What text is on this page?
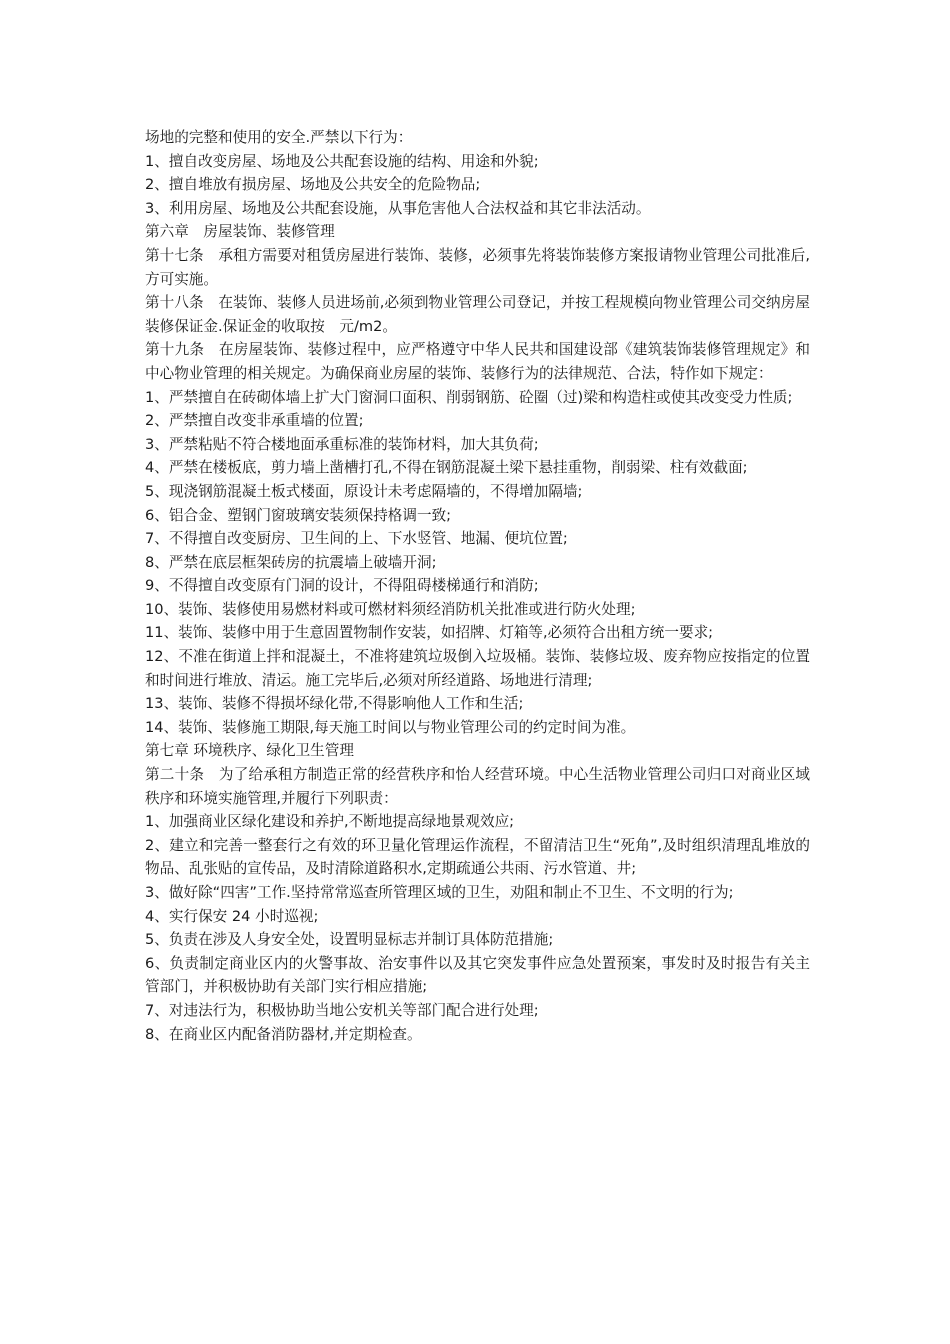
场地的完整和使用的安全.严禁以下行为：

1、擅自改变房屋、场地及公共配套设施的结构、用途和外貌;

2、擅自堆放有损房屋、场地及公共安全的危险物品;

3、利用房屋、场地及公共配套设施，从事危害他人合法权益和其它非法活动。

第六章　房屋装饰、装修管理

第十七条　承租方需要对租赁房屋进行装饰、装修，必须事先将装饰装修方案报请物业管理公司批准后,方可实施。

第十八条　在装饰、装修人员进场前,必须到物业管理公司登记，并按工程规模向物业管理公司交纳房屋装修保证金.保证金的收取按　元/m2。

第十九条　在房屋装饰、装修过程中，应严格遵守中华人民共和国建设部《建筑装饰装修管理规定》和中心物业管理的相关规定。为确保商业房屋的装饰、装修行为的法律规范、合法，特作如下规定：

1、严禁擅自在砖砌体墙上扩大门窗洞口面积、削弱钢筋、砼圈（过)梁和构造柱或使其改变受力性质;

2、严禁擅自改变非承重墙的位置;

3、严禁粘贴不符合楼地面承重标准的装饰材料，加大其负荷;

4、严禁在楼板底，剪力墙上凿槽打孔,不得在钢筋混凝土梁下悬挂重物，削弱梁、柱有效截面;

5、现浇钢筋混凝土板式楼面，原设计未考虑隔墙的，不得增加隔墙;

6、铝合金、塑钢门窗玻璃安装须保持格调一致;

7、不得擅自改变厨房、卫生间的上、下水竖管、地漏、便坑位置;

8、严禁在底层框架砖房的抗震墙上破墙开洞;

9、不得擅自改变原有门洞的设计，不得阻碍楼梯通行和消防;

10、装饰、装修使用易燃材料或可燃材料须经消防机关批准或进行防火处理;

11、装饰、装修中用于生意固置物制作安装，如招牌、灯箱等,必须符合出租方统一要求;

12、不准在街道上拌和混凝土，不准将建筑垃圾倒入垃圾桶。装饰、装修垃圾、废弃物应按指定的位置和时间进行堆放、清运。施工完毕后,必须对所经道路、场地进行清理;

13、装饰、装修不得损坏绿化带,不得影响他人工作和生活;

14、装饰、装修施工期限,每天施工时间以与物业管理公司的约定时间为准。

第七章 环境秩序、绿化卫生管理

第二十条　为了给承租方制造正常的经营秩序和怡人经营环境。中心生活物业管理公司归口对商业区域秩序和环境实施管理,并履行下列职责：

1、加强商业区绿化建设和养护,不断地提高绿地景观效应;

2、建立和完善一整套行之有效的环卫量化管理运作流程，不留清洁卫生“死角”,及时组织清理乱堆放的物品、乱张贴的宣传品，及时清除道路积水,定期疏通公共雨、污水管道、井;

3、做好除“四害”工作.坚持常常巡查所管理区域的卫生，劝阻和制止不卫生、不文明的行为;

4、实行保安 24 小时巡视;

5、负责在涉及人身安全处，设置明显标志并制订具体防范措施;

6、负责制定商业区内的火警事故、治安事件以及其它突发事件应急处置预案，事发时及时报告有关主管部门，并积极协助有关部门实行相应措施;

7、对违法行为，积极协助当地公安机关等部门配合进行处理;

8、在商业区内配备消防器材,并定期检查。
